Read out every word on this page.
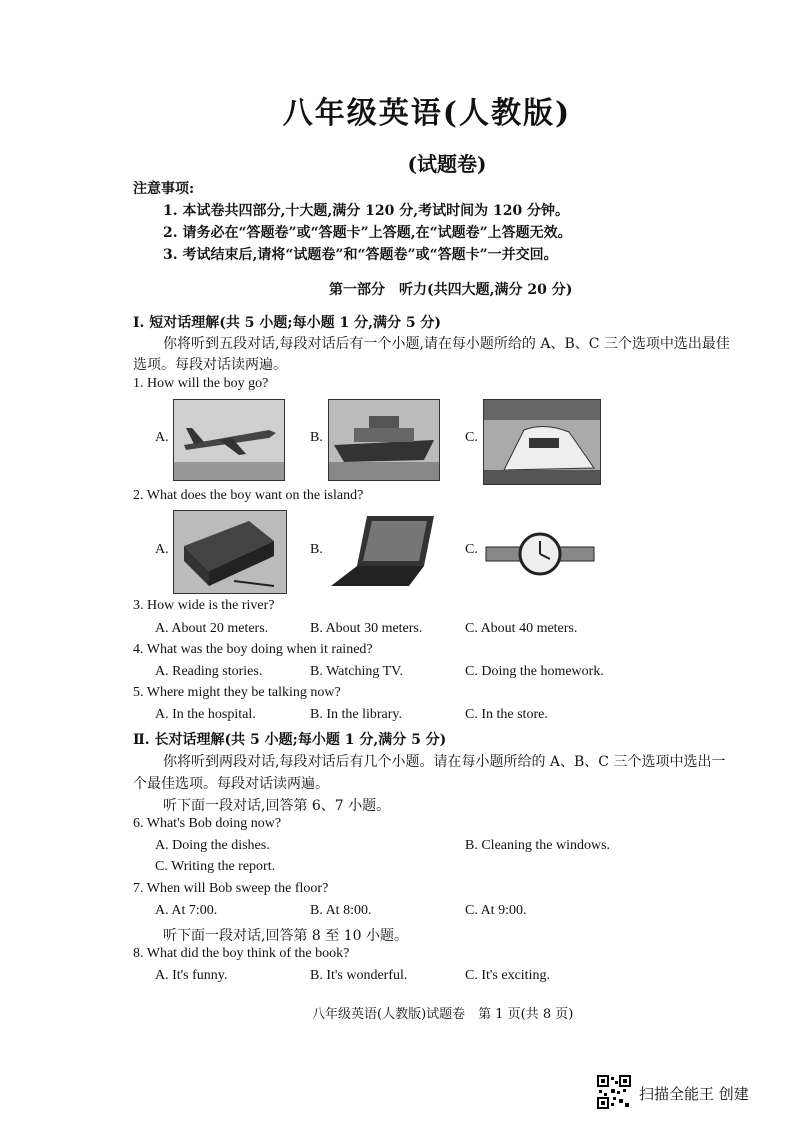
八年级英语(人教版)
(试题卷)
注意事项:
1. 本试卷共四部分,十大题,满分 120 分,考试时间为 120 分钟。
2. 请务必在“答题卷”或“答题卡”上答题,在“试题卷”上答题无效。
3. 考试结束后,请将“试题卷”和“答题卷”或“答题卡”一并交回。
第一部分　听力(共四大题,满分 20 分)
Ⅰ. 短对话理解(共 5 小题;每小题 1 分,满分 5 分)
你将听到五段对话,每段对话后有一个小题,请在每小题所给的 A、B、C 三个选项中选出最佳
选项。每段对话读两遍。
1. How will the boy go?
A.	B.	C.
2. What does the boy want on the island?
A.	B.	C.
3. How wide is the river?
A. About 20 meters.	B. About 30 meters.	C. About 40 meters.
4. What was the boy doing when it rained?
A. Reading stories.	B. Watching TV.	C. Doing the homework.
5. Where might they be talking now?
A. In the hospital.	B. In the library.	C. In the store.
Ⅱ. 长对话理解(共 5 小题;每小题 1 分,满分 5 分)
你将听到两段对话,每段对话后有几个小题。请在每小题所给的 A、B、C 三个选项中选出一
个最佳选项。每段对话读两遍。
听下面一段对话,回答第 6、7 小题。
6. What's Bob doing now?
A. Doing the dishes.	B. Cleaning the windows.
C. Writing the report.
7. When will Bob sweep the floor?
A. At 7:00.	B. At 8:00.	C. At 9:00.
听下面一段对话,回答第 8 至 10 小题。
8. What did the boy think of the book?
A. It's funny.	B. It's wonderful.	C. It's exciting.
八年级英语(人教版)试题卷　第 1 页(共 8 页)
扫描全能王 创建
